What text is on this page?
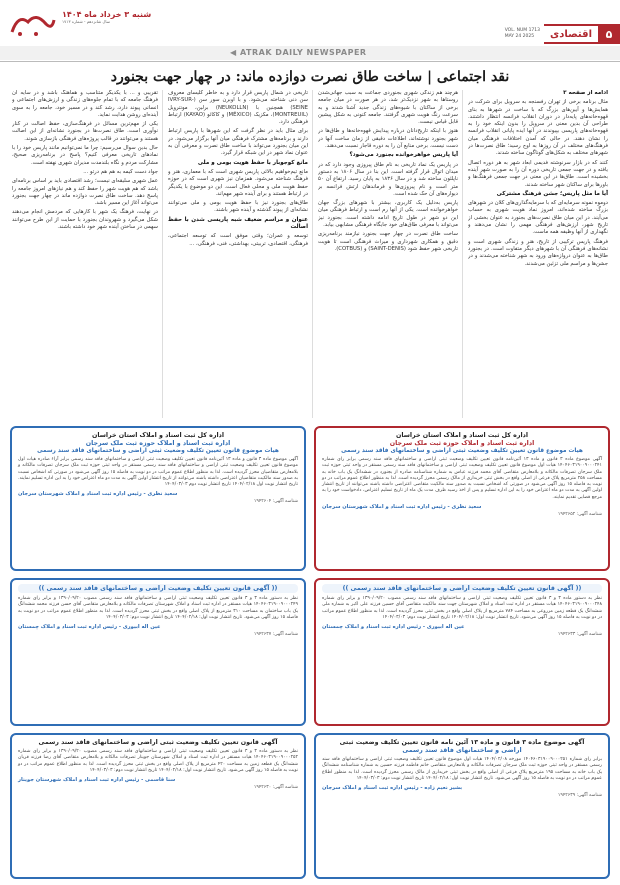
شنبه ۳ خرداد ماه ۱۴۰۴
سال شانزدهم - شماره ۱۷۱۳
VOL. NUM 1713
MAY 24 2025	اقتصادی	۵
◀ ATRAK DAILY NEWSPAPER
نقد اجتماعی | ساخت طاق نصرت دوازده ماند: در چهار جهت بجنورد

ادامه از صفحه ۳

مثال برنامه برخی از تهران رفسنجه به سرویل برای شرکت در همایش‌ها و آیین‌های بزرگ که با ساخت در شهرها به بنای قهوه‌خانه‌های پایه‌دار در دوران انقلاب فرانسه انتظار داشتند. طراحی آن بدین معنی در سرویل را بدون اینکه خود را به قهوه‌خانه‌های پاریسی بپیوندند در آنها ایده پایانی انقلاب فرانسه را نشان دهند. در حالی که آمدن اختلافات فرهنگی میان فرهنگ‌های مختلف در آن روزها به اوج رسید؛ طاق نصرت‌ها در شهرهای مختلف به شکل‌های گوناگون ساخته شدند.

کنند که در بازار سرنوشته فدیمی ابعاد شهر به هر دوره اتصال یافته و در جهت جمعی تاریخی دوره آن را به صورت شهر آینده بخشیده است. طاق‌ها در این معنی در جهت جمعی فرهنگ‌ها و باورها برای ساکنان شهر ساخته شدند.

آیا ما مثل پاریس؛ جشن فرهنگ مشترکی

دو‌موه نمونه سرمایه‌ای که با سرمایه‌گذاری‌های کلان در شهرهای بزرگ ساخته شده‌اند، امروز نماد هویت شهری به حساب می‌آیند. در این میان طاق نصرت‌های بجنورد به عنوان بخشی از تاریخ شهر، ارزش‌های فرهنگی مهمی را نشان می‌دهند و نگهداری از آنها وظیفه همه ماست.

فرهنگ پاریس ترکیبی از تاریخ، هنر و زندگی شهری است و نشانه‌های فرهنگی آن با شهرهای دیگر متفاوت است. در بجنورد طاق‌ها به عنوان دروازه‌های ورود به شهر شناخته می‌شدند و در جشن‌ها و مراسم ملی تزئین می‌شدند.

هرچند هم زندگی شهری بجنوردی جماعت به سبب جهانی‌شدن روستاها به شهر نزدیک‌تر شد، در هر صورت در میان جامعه برخی از ساکنان با شیوه‌های زندگی جدید آشنا شدند و به سرعت رنگ هویت شهری گرفتند. جامعه کنونی به شکل پیشین قابل قیاس نیست.

هنوز با اینکه تاریخ‌دانان درباره پیدایش قهوه‌خانه‌ها و طاق‌ها در شهر بجنورد نوشته‌اند، اطلاعات دقیقی از زمان ساخت آنها در دست نیست. برخی منابع آن را به دوره قاجار نسبت می‌دهند.

آیا پاریس خواهرخوانده بجنورد می‌شود؟

در پاریس یک نماد تاریخی به نام طاق پیروزی وجود دارد که در میدان اتوال قرار گرفته است. این بنا در سال ۱۸۰۶ به دستور ناپلئون ساخته شد و در سال ۱۸۳۶ به پایان رسید. ارتفاع آن ۵۰ متر است و نام پیروزی‌ها و فرماندهان ارتش فرانسه بر دیواره‌های آن حک شده است.

پاریس به‌دلیل یک کاربری، بیشتر با شهرهای بزرگ جهان خواهرخوانده است. یکی از آنها رم است و ارتباط فرهنگی میان این دو شهر در طول تاریخ ادامه داشته است. بجنورد نیز می‌تواند با معرفی طاق‌های خود جایگاه فرهنگی مشابهی بیابد.

ساخت طاق نصرت در چهار جهت بجنورد نیازمند برنامه‌ریزی دقیق و همکاری شهرداری و میراث فرهنگی است تا هویت تاریخی شهر حفظ شود (SAINT-DENIS) و (COTBUS).

تاریخی در شمال پاریس قرار دارد و به خاطر کلیسای معروف سن دنی شناخته می‌شود. و با اوبرن سور سن (IVRY-SUR-SEINE) همچنین با (NEUKOLLN) برلین، مونترویل (MONTREUIL)، مکزیک (MÉXICO) و کاکائو (KAYAO) ارتباط فرهنگی دارد.

برای مثال باید در نظر گرفت که این شهرها با پاریس ارتباط دارند و برنامه‌های مشترک فرهنگی میان آنها برگزار می‌شود. در این میان بجنورد می‌تواند با ساخت طاق نصرت و معرفی آن به عنوان نماد شهر در این شبکه قرار گیرد.

مانع کوجوبار با حفظ هویت بومی و ملی

مانع تیم‌خواهیم بالائی پاریس شهری است که با معماری، هنر و فرهنگ شناخته می‌شود. همزمان نیز شهری است که در حوزه حفظ هویت ملی و محلی فعال است. این دو موضوع با یکدیگر در ارتباط هستند و برای آینده شهر مهم‌اند.

طاق‌های بجنورد نیز با حفظ هویت بومی و ملی می‌توانند نشانه‌ای از پیوند گذشته و آینده شهر باشند.

عنوان و مراسم ضعیف شبه پاریسی شدن با حفظ اصالت

توسعه و عمران؛ وقتی موفق است که توسعه اجتماعی، فرهنگی، اقتصادی، تربیتی، بهداشتی، فنی، فرهنگی، ...

تقریبی و ... با یکدیگر متناسب و هماهنگ باشد و در سایه آن فرهنگ جامعه که با تمام جلوه‌های زندگی و ارزش‌های اجتماعی و انسانی پیوند دارد، رشد کند و در مسیر خود، جامعه را به سوی آینده‌ای روشن هدایت نماید.

یکی از مهم‌ترین مسائل در فرهنگ‌سازی، حفظ اصالت در کنار نوآوری است. طاق نصرت‌ها در بجنورد نشانه‌ای از این اصالت هستند و می‌توانند در قالب پروژه‌های فرهنگی بازسازی شوند.

حال بدین سوال می‌رسیم: چرا ما نمی‌توانیم مانند پاریس خود را با نمادهای تاریخی معرفی کنیم؟ پاسخ در برنامه‌ریزی صحیح، مشارکت مردم و نگاه بلندمدت مدیران شهری نهفته است.

جواد دست کیمه به هم هم درتو ...

عمل شهری سلیقه‌ای نیست؛ رشد اقتصادی باید بر اساس برنامه‌ای باشد که هم هویت شهر را حفظ کند و هم نیازهای امروز جامعه را پاسخ دهد. ساخت طاق نصرت دوازده ماند در چهار جهت بجنورد می‌تواند آغاز این مسیر باشد.

در نهایت، فرهنگ یک شهر با کارهایی که مردمش انجام می‌دهند شکل می‌گیرد و شهروندان بجنورد با حمایت از این طرح می‌توانند سهمی در ساختن آینده شهر خود داشته باشند.

اداره کل ثبت اسناد و املاک استان خراسان
اداره ثبت اسناد و املاک حوزه ثبت ملک سرجان
هیات موضوع قانون تعیین تکلیف وضعیت ثبتی اراضی و ساختمانهای فاقد سند رسمی
آگهی موضوع ماده ۳ قانون و ماده ۱۳ آئین‌نامه قانون تعیین تکلیف وضعیت ثبتی اراضی و ساختمانهای فاقد سند رسمی برابر رای شماره ۱۴۰۴۶۰۳۱۹۰۰۹۰۰۰۲۴۱ هیات اول موضوع قانون تعیین تکلیف وضعیت ثبتی اراضی و ساختمانهای فاقد سند رسمی مستقر در واحد ثبتی حوزه ثبت ملک سرجان تصرفات مالکانه و بلامعارض متقاضی آقای محمد فرزند عباس به شماره شناسنامه صادره از بجنورد در ششدانگ یک باب خانه به مساحت ۲۵۸ مترمربع پلاک فرعی از اصلی واقع در بخش ثبتی خریداری از مالک رسمی محرز گردیده است. لذا به منظور اطلاع عموم مراتب در دو نوبت به فاصله ۱۵ روز آگهی می‌شود در صورتی که اشخاص نسبت به صدور سند مالکیت متقاضی اعتراضی داشته باشند می‌توانند از تاریخ انتشار اولین آگهی به مدت دو ماه اعتراض خود را به این اداره تسلیم و پس از اخذ رسید ظرف مدت یک ماه از تاریخ تسلیم اعتراض، دادخواست خود را به مرجع قضایی تقدیم نمایند.
سعید نظری - رئیس اداره ثبت اسناد و املاک شهرستان سرجان
شناسه آگهی: ۱۹۴۲۶۵۲
اداره کل ثبت اسناد و املاک استان خراسان
اداره ثبت اسناد و املاک حوزه ثبت ملک سرجان
هیات موضوع قانون تعیین تکلیف وضعیت ثبتی اراضی و ساختمانهای فاقد سند رسمی
آگهی موضوع ماده ۳ قانون و ماده ۱۳ آئین‌نامه قانون تعیین تکلیف وضعیت ثبتی اراضی و ساختمانهای فاقد سند رسمی برابر آراء صادره هیات اول موضوع قانون تعیین تکلیف وضعیت ثبتی اراضی و ساختمانهای فاقد سند رسمی مستقر در واحد ثبتی حوزه ثبت ملک سرجان تصرفات مالکانه و بلامعارض متقاضیان محرز گردیده است. لذا به منظور اطلاع عموم مراتب در دو نوبت به فاصله ۱۵ روز آگهی می‌شود در صورتی که اشخاص نسبت به صدور سند مالکیت متقاضیان اعتراضی داشته باشند می‌توانند از تاریخ انتشار اولین آگهی به مدت دو ماه اعتراض خود را به این اداره تسلیم نمایند. تاریخ انتشار نوبت اول ۱۴۰۴/۰۲/۱۸ تاریخ انتشار نوبت دوم ۱۴۰۴/۰۳/۰۳
سعید نظری - رئیس اداره ثبت اسناد و املاک شهرستان سرجان
شناسه آگهی: ۱۹۴۲۶۰۴
(( آگهی قانون تعیین تکلیف وضعیت اراضی و ساختمانهای فاقد سند رسمی ))
نظر به دستور ماده ۳ و ۳ قانون تعیین تکلیف وضعیت ثبتی اراضی و ساختمانهای فاقد سند رسمی مصوب ۱۳۹۰/۰۹/۲۰ و برابر رای شماره ۱۴۰۴۶۰۳۱۹۰۰۹۰۰۰۲۴۸ هیات مستقر در اداره ثبت اسناد و املاک شهرستان جهت سند مالکیت متقاضی آقای حسین فرزند علی اکبر به شماره ملی ششدانگ یک قطعه زمین مزروعی به مساحت ۷۸۴ مترمربع از پلاک اصلی واقع در بخش ثبتی محرز گردیده است. لذا به منظور اطلاع عموم مراتب در دو نوبت به فاصله ۱۵ روز آگهی می‌شود. تاریخ انتشار نوبت اول: ۱۴۰۴/۰۲/۱۸ تاریخ انتشار نوبت دوم: ۱۴۰۴/۰۳/۰۳
عین اله ابیوری - رئیس اداره ثبت اسناد و املاک چمستان
شناسه آگهی: ۱۹۴۲۶۳۳
(( آگهی قانون تعیین تکلیف وضعیت اراضی و ساختمانهای فاقد سند رسمی ))
نظر به دستور ماده ۳ و ۳ قانون تعیین تکلیف وضعیت ثبتی اراضی و ساختمانهای فاقد سند رسمی مصوب ۱۳۹۰/۰۹/۲۰ و برابر رای شماره ۱۴۰۴۶۰۳۱۹۰۰۹۰۰۰۲۴۹ هیات مستقر در اداره ثبت اسناد و املاک شهرستان تصرفات مالکانه و بلامعارض متقاضی آقای حسن فرزند محمد ششدانگ یک باب ساختمان به مساحت ۳۱۰ مترمربع از پلاک اصلی واقع در بخش ثبتی محرز گردیده است. لذا به منظور اطلاع عموم مراتب در دو نوبت به فاصله ۱۵ روز آگهی می‌شود. تاریخ انتشار نوبت اول: ۱۴۰۴/۰۲/۱۸ تاریخ انتشار نوبت دوم: ۱۴۰۴/۰۳/۰۳
عین اله ابیوری - رئیس اداره ثبت اسناد و املاک چمستان
شناسه آگهی: ۱۹۴۲۶۳۷
آگهی موضوع ماده ۳ قانون و ماده ۱۳ آئین نامه قانون تعیین تکلیف وضعیت ثبتی
اراضی و ساختمانهای فاقد سند رسمی
برابر رای شماره ۱۴۰۴۶۰۳۱۹۰۰۹۰۰۰۲۵۱ مورخه ۱۴۰۴/۰۲/۰۸ هیات اول موضوع قانون تعیین تکلیف وضعیت ثبتی اراضی و ساختمانهای فاقد سند رسمی مستقر در واحد ثبتی حوزه ثبت ملک سرجان تصرفات مالکانه و بلامعارض متقاضی خانم فاطمه فرزند حسین به شماره شناسنامه ششدانگ یک باب خانه به مساحت ۱۹۵ مترمربع پلاک فرعی از اصلی واقع در بخش ثبتی خریداری از مالک رسمی محرز گردیده است. لذا به منظور اطلاع عموم مراتب در دو نوبت به فاصله ۱۵ روز آگهی می‌شود. تاریخ انتشار نوبت اول: ۱۴۰۴/۰۲/۱۸ تاریخ انتشار نوبت دوم: ۱۴۰۴/۰۳/۰۳
بشیر نعیم زاده - رئیس اداره ثبت اسناد و املاک سرجان
شناسه آگهی: ۱۹۴۲۶۳۹
آگهی قانون تعیین تکلیف وضعیت ثبتی اراضی و ساختمانهای فاقد سند رسمی
نظر به دستور ماده ۳ و ۳ قانون تعیین تکلیف وضعیت ثبتی اراضی و ساختمانهای فاقد سند رسمی مصوب ۱۳۹۰/۰۹/۲۰ و برابر رای شماره ۱۴۰۴۶۰۳۱۹۰۰۹۰۰۰۲۵۲ هیات مستقر در اداره ثبت اسناد و املاک شهرستان جوینار تصرفات مالکانه و بلامعارض متقاضی آقای رضا فرزند قربان ششدانگ یک قطعه زمین به مساحت ۴۲۰ مترمربع از پلاک اصلی واقع در بخش ثبتی محرز گردیده است. لذا به منظور اطلاع عموم مراتب در دو نوبت به فاصله ۱۵ روز آگهی می‌شود. تاریخ انتشار نوبت اول: ۱۴۰۴/۰۲/۱۸ تاریخ انتشار نوبت دوم: ۱۴۰۴/۰۳/۰۳
سنا قاسمی - رئیس اداره ثبت اسناد و املاک شهرستان جوینار
شناسه آگهی: ۱۹۴۲۶۳۰
